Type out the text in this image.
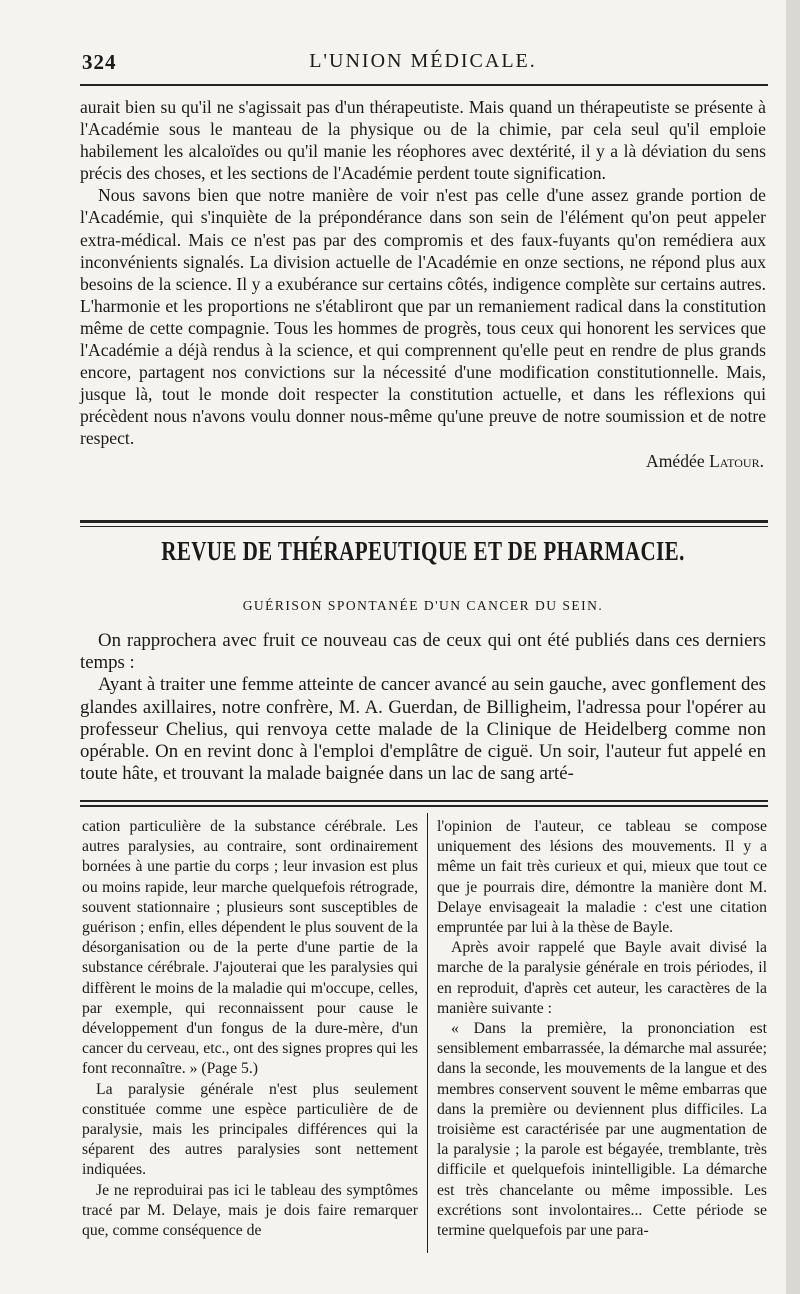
L'UNION MÉDICALE.
324

aurait bien su qu'il ne s'agissait pas d'un thérapeutiste. Mais quand un thérapeutiste se présente à l'Académie sous le manteau de la physique ou de la chimie, par cela seul qu'il emploie habilement les alcaloïdes ou qu'il manie les réophores avec dextérité, il y a là déviation du sens précis des choses, et les sections de l'Académie perdent toute signification.

Nous savons bien que notre manière de voir n'est pas celle d'une assez grande portion de l'Académie, qui s'inquiète de la prépondérance dans son sein de l'élément qu'on peut appeler extra-médical. Mais ce n'est pas par des compromis et des faux-fuyants qu'on remédiera aux inconvénients signalés. La division actuelle de l'Académie en onze sections, ne répond plus aux besoins de la science. Il y a exubérance sur certains côtés, indigence complète sur certains autres. L'harmonie et les proportions ne s'établiront que par un remaniement radical dans la constitution même de cette compagnie. Tous les hommes de progrès, tous ceux qui honorent les services que l'Académie a déjà rendus à la science, et qui comprennent qu'elle peut en rendre de plus grands encore, partagent nos convictions sur la nécessité d'une modification constitutionnelle. Mais, jusque là, tout le monde doit respecter la constitution actuelle, et dans les réflexions qui précèdent nous n'avons voulu donner nous-même qu'une preuve de notre soumission et de notre respect.

Amédée Latour.

REVUE DE THÉRAPEUTIQUE ET DE PHARMACIE.
GUÉRISON SPONTANÉE D'UN CANCER DU SEIN.

On rapprochera avec fruit ce nouveau cas de ceux qui ont été publiés dans ces derniers temps :

Ayant à traiter une femme atteinte de cancer avancé au sein gauche, avec gonflement des glandes axillaires, notre confrère, M. A. Guerdan, de Billigheim, l'adressa pour l'opérer au professeur Chelius, qui renvoya cette malade de la Clinique de Heidelberg comme non opérable. On en revint donc à l'emploi d'emplâtre de ciguë. Un soir, l'auteur fut appelé en toute hâte, et trouvant la malade baignée dans un lac de sang arté-

cation particulière de la substance cérébrale. Les autres paralysies, au contraire, sont ordinairement bornées à une partie du corps ; leur invasion est plus ou moins rapide, leur marche quelquefois rétrograde, souvent stationnaire ; plusieurs sont susceptibles de guérison ; enfin, elles dépendent le plus souvent de la désorganisation ou de la perte d'une partie de la substance cérébrale. J'ajouterai que les paralysies qui diffèrent le moins de la maladie qui m'occupe, celles, par exemple, qui reconnaissent pour cause le développement d'un fongus de la dure-mère, d'un cancer du cerveau, etc., ont des signes propres qui les font reconnaître. » (Page 5.)

La paralysie générale n'est plus seulement constituée comme une espèce particulière de de paralysie, mais les principales différences qui la séparent des autres paralysies sont nettement indiquées.

Je ne reproduirai pas ici le tableau des symptômes tracé par M. Delaye, mais je dois faire remarquer que, comme conséquence de

l'opinion de l'auteur, ce tableau se compose uniquement des lésions des mouvements. Il y a même un fait très curieux et qui, mieux que tout ce que je pourrais dire, démontre la manière dont M. Delaye envisageait la maladie : c'est une citation empruntée par lui à la thèse de Bayle.

Après avoir rappelé que Bayle avait divisé la marche de la paralysie générale en trois périodes, il en reproduit, d'après cet auteur, les caractères de la manière suivante :

« Dans la première, la prononciation est sensiblement embarrassée, la démarche mal assurée; dans la seconde, les mouvements de la langue et des membres conservent souvent le même embarras que dans la première ou deviennent plus difficiles. La troisième est caractérisée par une augmentation de la paralysie ; la parole est bégayée, tremblante, très difficile et quelquefois inintelligible. La démarche est très chancelante ou même impossible. Les excrétions sont involontaires... Cette période se termine quelquefois par une para-
